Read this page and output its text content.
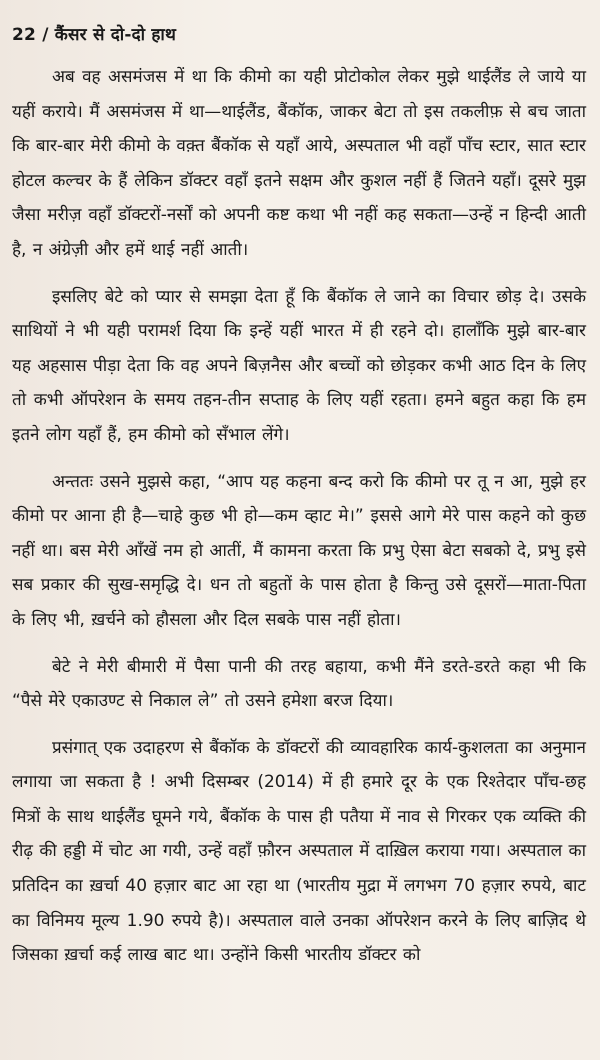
22 / कैंसर से दो-दो हाथ

अब वह असमंजस में था कि कीमो का यही प्रोटोकोल लेकर मुझे थाईलैंड ले जाये या यहीं कराये। मैं असमंजस में था—थाईलैंड, बैंकॉक, जाकर बेटा तो इस तकलीफ़ से बच जाता कि बार-बार मेरी कीमो के वक़्त बैंकॉक से यहाँ आये, अस्पताल भी वहाँ पाँच स्टार, सात स्टार होटल कल्चर के हैं लेकिन डॉक्टर वहाँ इतने सक्षम और कुशल नहीं हैं जितने यहाँ। दूसरे मुझ जैसा मरीज़ वहाँ डॉक्टरों-नर्सों को अपनी कष्ट कथा भी नहीं कह सकता—उन्हें न हिन्दी आती है, न अंग्रेज़ी और हमें थाई नहीं आती।

इसलिए बेटे को प्यार से समझा देता हूँ कि बैंकॉक ले जाने का विचार छोड़ दे। उसके साथियों ने भी यही परामर्श दिया कि इन्हें यहीं भारत में ही रहने दो। हालाँकि मुझे बार-बार यह अहसास पीड़ा देता कि वह अपने बिज़नैस और बच्चों को छोड़कर कभी आठ दिन के लिए तो कभी ऑपरेशन के समय तहन-तीन सप्ताह के लिए यहीं रहता। हमने बहुत कहा कि हम इतने लोग यहाँ हैं, हम कीमो को सँभाल लेंगे।

अन्ततः उसने मुझसे कहा, “आप यह कहना बन्द करो कि कीमो पर तू न आ, मुझे हर कीमो पर आना ही है—चाहे कुछ भी हो—कम व्हाट मे।” इससे आगे मेरे पास कहने को कुछ नहीं था। बस मेरी आँखें नम हो आतीं, मैं कामना करता कि प्रभु ऐसा बेटा सबको दे, प्रभु इसे सब प्रकार की सुख-समृद्धि दे। धन तो बहुतों के पास होता है किन्तु उसे दूसरों—माता-पिता के लिए भी, ख़र्चने को हौसला और दिल सबके पास नहीं होता।

बेटे ने मेरी बीमारी में पैसा पानी की तरह बहाया, कभी मैंने डरते-डरते कहा भी कि “पैसे मेरे एकाउण्ट से निकाल ले” तो उसने हमेशा बरज दिया।

प्रसंगात् एक उदाहरण से बैंकॉक के डॉक्टरों की व्यावहारिक कार्य-कुशलता का अनुमान लगाया जा सकता है ! अभी दिसम्बर (2014) में ही हमारे दूर के एक रिश्तेदार पाँच-छह मित्रों के साथ थाईलैंड घूमने गये, बैंकॉक के पास ही पतैया में नाव से गिरकर एक व्यक्ति की रीढ़ की हड्डी में चोट आ गयी, उन्हें वहाँ फ़ौरन अस्पताल में दाख़िल कराया गया। अस्पताल का प्रतिदिन का ख़र्चा 40 हज़ार बाट आ रहा था (भारतीय मुद्रा में लगभग 70 हज़ार रुपये, बाट का विनिमय मूल्य 1.90 रुपये है)। अस्पताल वाले उनका ऑपरेशन करने के लिए बाज़िद थे जिसका ख़र्चा कई लाख बाट था। उन्होंने किसी भारतीय डॉक्टर को
